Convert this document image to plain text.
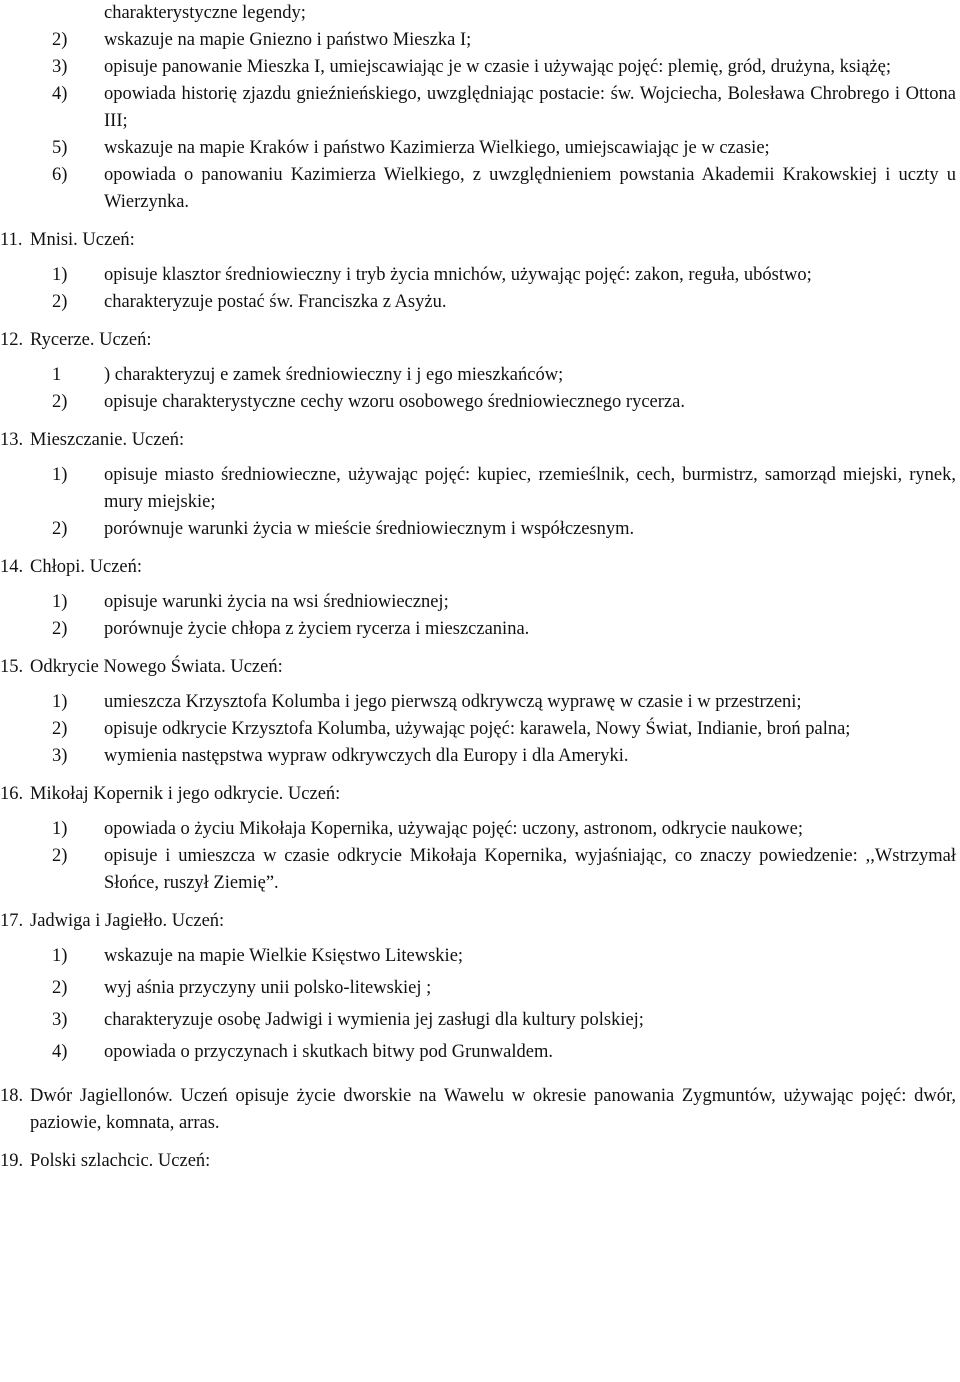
charakterystyczne legendy;
2) wskazuje na mapie Gniezno i państwo Mieszka I;
3) opisuje panowanie Mieszka I, umiejscawiając je w czasie i używając pojęć: plemię, gród, drużyna, książę;
4) opowiada historię zjazdu gnieźnieńskiego, uwzględniając postacie: św. Wojciecha, Bolesława Chrobrego i Ottona III;
5) wskazuje na mapie Kraków i państwo Kazimierza Wielkiego, umiejscawiając je w czasie;
6) opowiada o panowaniu Kazimierza Wielkiego, z uwzględnieniem powstania Akademii Krakowskiej i uczty u Wierzynka.
11. Mnisi. Uczeń:
1) opisuje klasztor średniowieczny i tryb życia mnichów, używając pojęć: zakon, reguła, ubóstwo;
2) charakteryzuje postać św. Franciszka z Asyżu.
12. Rycerze. Uczeń:
1 ) charakteryzuj e zamek średniowieczny i j ego mieszkańców;
2) opisuje charakterystyczne cechy wzoru osobowego średniowiecznego rycerza.
13. Mieszczanie. Uczeń:
1) opisuje miasto średniowieczne, używając pojęć: kupiec, rzemieślnik, cech, burmistrz, samorząd miejski, rynek, mury miejskie;
2) porównuje warunki życia w mieście średniowiecznym i współczesnym.
14. Chłopi. Uczeń:
1) opisuje warunki życia na wsi średniowiecznej;
2) porównuje życie chłopa z życiem rycerza i mieszczanina.
15. Odkrycie Nowego Świata. Uczeń:
1) umieszcza Krzysztofa Kolumba i jego pierwszą odkrywczą wyprawę w czasie i w przestrzeni;
2) opisuje odkrycie Krzysztofa Kolumba, używając pojęć: karawela, Nowy Świat, Indianie, broń palna;
3) wymienia następstwa wypraw odkrywczych dla Europy i dla Ameryki.
16. Mikołaj Kopernik i jego odkrycie. Uczeń:
1) opowiada o życiu Mikołaja Kopernika, używając pojęć: uczony, astronom, odkrycie naukowe;
2) opisuje i umieszcza w czasie odkrycie Mikołaja Kopernika, wyjaśniając, co znaczy powiedzenie: ,,Wstrzymał Słońce, ruszył Ziemię”.
17. Jadwiga i Jagiełło. Uczeń:
1) wskazuje na mapie Wielkie Księstwo Litewskie;
2) wyj aśnia przyczyny unii polsko-litewskiej ;
3) charakteryzuje osobę Jadwigi i wymienia jej zasługi dla kultury polskiej;
4) opowiada o przyczynach i skutkach bitwy pod Grunwaldem.
18. Dwór Jagiellonów. Uczeń opisuje życie dworskie na Wawelu w okresie panowania Zygmuntów, używając pojęć: dwór, paziowie, komnata, arras.
19. Polski szlachcic. Uczeń:
